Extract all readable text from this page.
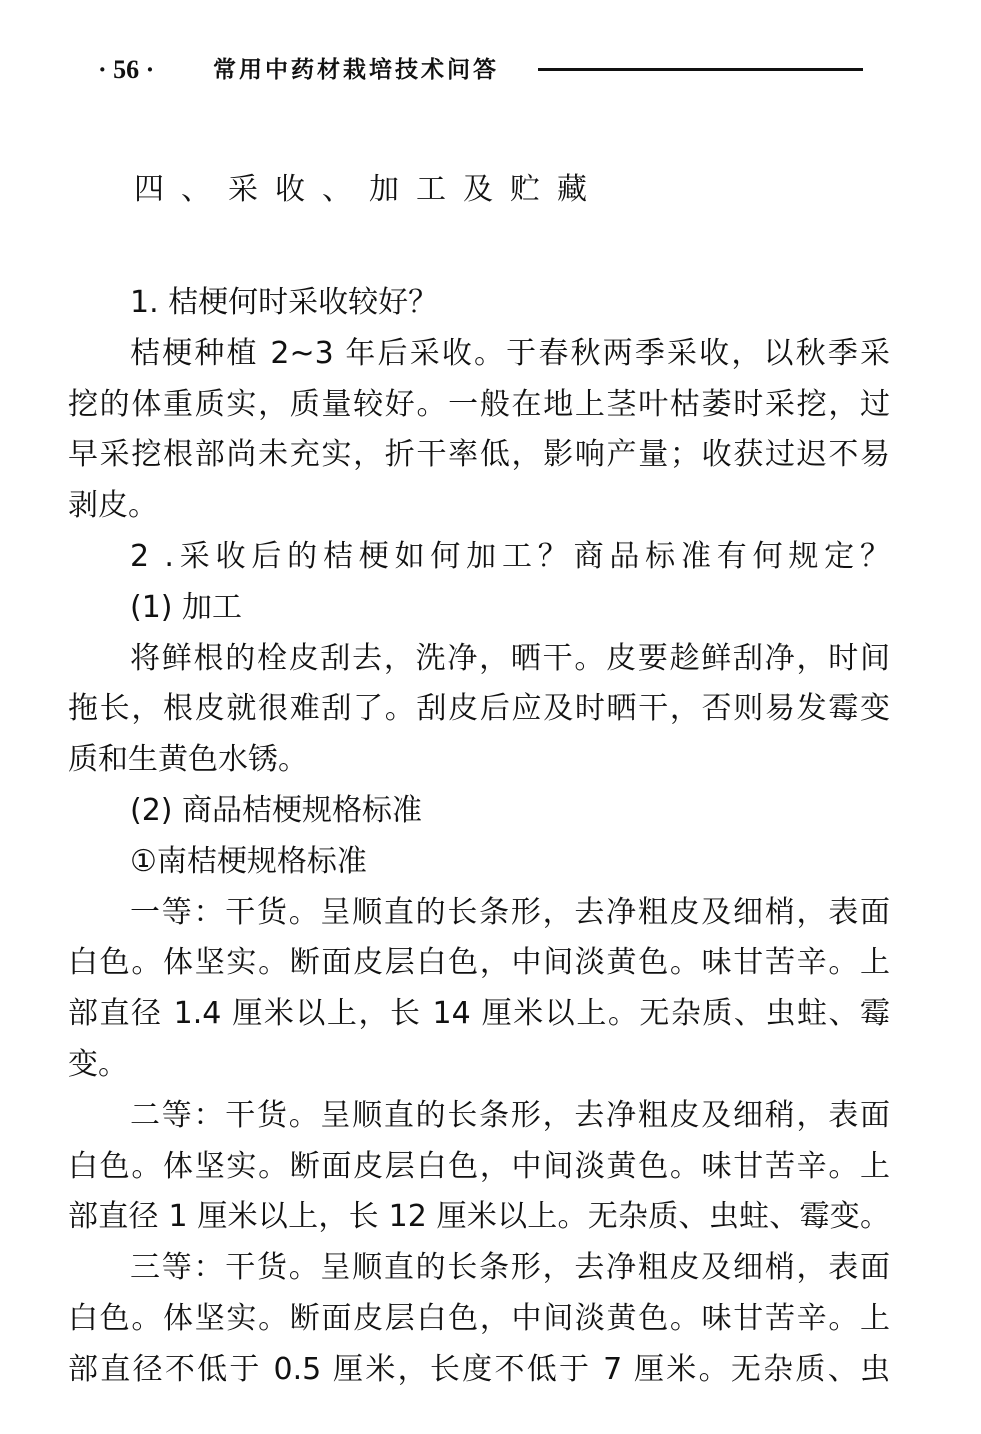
· 56 ·	常用中药材栽培技术问答
四、采收、加工及贮藏
1. 桔梗何时采收较好？
桔梗种植 2~3 年后采收。于春秋两季采收，以秋季采
挖的体重质实，质量较好。一般在地上茎叶枯萎时采挖，过
早采挖根部尚未充实，折干率低，影响产量；收获过迟不易
剥皮。
2 .采收后的桔梗如何加工？商品标准有何规定？
(1) 加工
将鲜根的栓皮刮去，洗净，晒干。皮要趁鲜刮净，时间
拖长，根皮就很难刮了。刮皮后应及时晒干，否则易发霉变
质和生黄色水锈。
(2) 商品桔梗规格标准
①南桔梗规格标准
一等：干货。呈顺直的长条形，去净粗皮及细梢，表面
白色。体坚实。断面皮层白色，中间淡黄色。味甘苦辛。上
部直径 1.4 厘米以上，长 14 厘米以上。无杂质、虫蛀、霉
变。
二等：干货。呈顺直的长条形，去净粗皮及细稍，表面
白色。体坚实。断面皮层白色，中间淡黄色。味甘苦辛。上
部直径 1 厘米以上，长 12 厘米以上。无杂质、虫蛀、霉变。
三等：干货。呈顺直的长条形，去净粗皮及细梢，表面
白色。体坚实。断面皮层白色，中间淡黄色。味甘苦辛。上
部直径不低于 0.5 厘米，长度不低于 7 厘米。无杂质、虫
